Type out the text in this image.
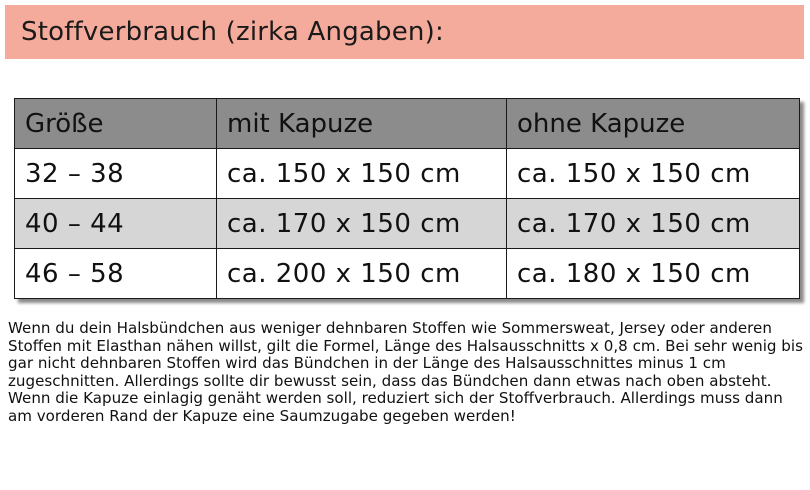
Stoffverbrauch (zirka Angaben):
Größe	mit Kapuze	ohne Kapuze
32 – 38	ca. 150 x 150 cm	ca. 150 x 150 cm
40 – 44	ca. 170 x 150 cm	ca. 170 x 150 cm
46 – 58	ca. 200 x 150 cm	ca. 180 x 150 cm

Wenn du dein Halsbündchen aus weniger dehnbaren Stoffen wie Sommersweat, Jersey oder anderen Stoffen mit Elasthan nähen willst, gilt die Formel, Länge des Halsausschnitts x 0,8 cm. Bei sehr wenig bis gar nicht dehnbaren Stoffen wird das Bündchen in der Länge des Halsausschnittes minus 1 cm zugeschnitten. Allerdings sollte dir bewusst sein, dass das Bündchen dann etwas nach oben absteht. Wenn die Kapuze einlagig genäht werden soll, reduziert sich der Stoffverbrauch. Allerdings muss dann am vorderen Rand der Kapuze eine Saumzugabe gegeben werden!
